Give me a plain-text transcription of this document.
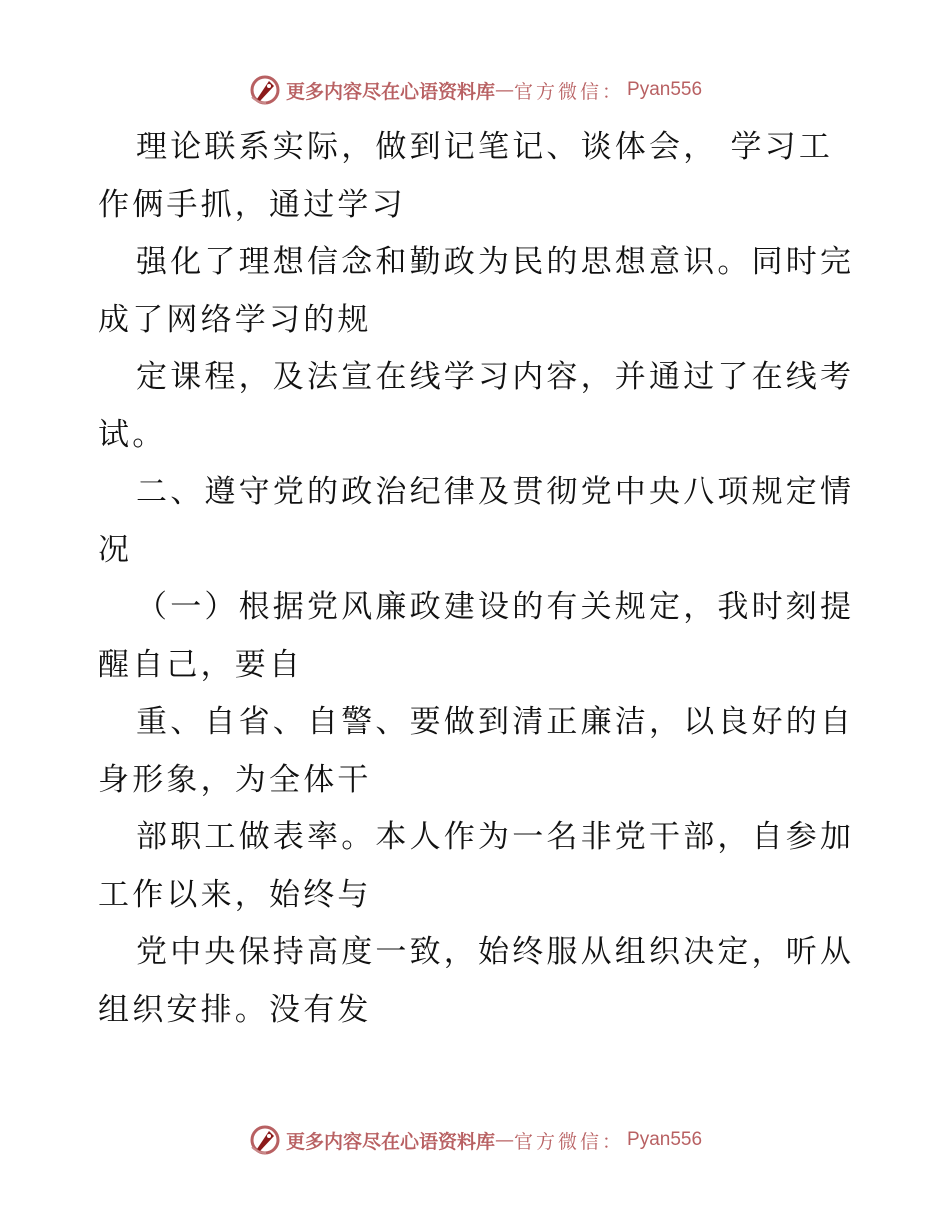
更多内容尽在心语资料库 — 官方微信 ： Pyan556
理论联系实际，做到记笔记、谈体会， 学习工
作俩手抓，通过学习
强化了理想信念和勤政为民的思想意识。同时完
成了网络学习的规
定课程，及法宣在线学习内容，并通过了在线考
试。
二、遵守党的政治纪律及贯彻党中央八项规定情
况
（一）根据党风廉政建设的有关规定，我时刻提
醒自己，要自
重、自省、自警、要做到清正廉洁，以良好的自
身形象，为全体干
部职工做表率。本人作为一名非党干部，自参加
工作以来，始终与
党中央保持高度一致，始终服从组织决定，听从
组织安排。没有发
更多内容尽在心语资料库 — 官方微信 ： Pyan556
